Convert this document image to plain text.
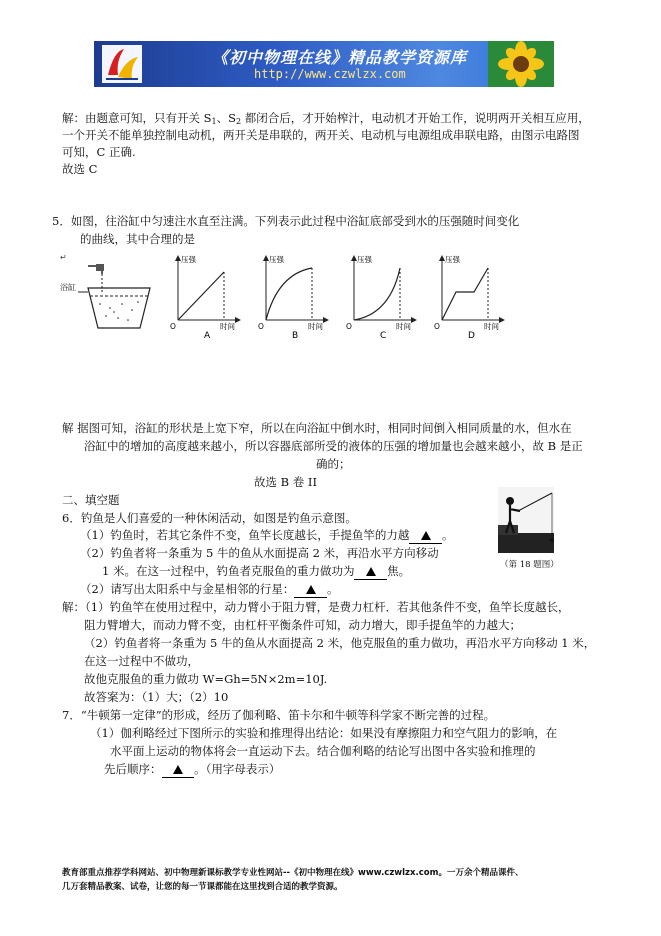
《初中物理在线》精品教学资源库
http://www.czwlzx.com
解：由题意可知，只有开关 $S_1$、$S_2$ 都闭合后，才开始榨汁，电动机才开始工作，说明两开关相互应用，
一个开关不能单独控制电动机，两开关是串联的，两开关、电动机与电源组成串联电路，由图示电路图
可知，C 正确.
故选 C
5．如图，往浴缸中匀速注水直至注满。下列表示此过程中浴缸底部受到水的压强随时间变化
的曲线，其中合理的是
↵
浴缸
压强
O	时间
A
压强
O	时间
B
压强
O	时间
C
压强
O	时间
D
解 据图可知，浴缸的形状是上宽下窄，所以在向浴缸中倒水时，相同时间倒入相同质量的水，但水在
浴缸中的增加的高度越来越小，所以容器底部所受的液体的压强的增加量也会越来越小，故 B 是正
确的；
故选 B 卷 II
二、填空题
6．钓鱼是人们喜爱的一种休闲活动，如图是钓鱼示意图。
（1）钓鱼时，若其它条件不变，鱼竿长度越长，手提鱼竿的力越	。
（2）钓鱼者将一条重为 5 牛的鱼从水面提高 2 米，再沿水平方向移动
1 米。在这一过程中，钓鱼者克服鱼的重力做功为	焦。
（2）请写出太阳系中与金星相邻的行星：	。
（第 18 题图）
解：（1）钓鱼竿在使用过程中，动力臂小于阻力臂，是费力杠杆．若其他条件不变，鱼竿长度越长，
阻力臂增大，而动力臂不变，由杠杆平衡条件可知，动力增大，即手提鱼竿的力越大；
（2）钓鱼者将一条重为 5 牛的鱼从水面提高 2 米，他克服鱼的重力做功，再沿水平方向移动 1 米，
在这一过程中不做功，
故他克服鱼的重力做功 W=Gh=5N×2m=10J.
故答案为：（1）大；（2）10
7．“牛顿第一定律”的形成，经历了伽利略、笛卡尔和牛顿等科学家不断完善的过程。
（1）伽利略经过下图所示的实验和推理得出结论：如果没有摩擦阻力和空气阻力的影响，在
水平面上运动的物体将会一直运动下去。结合伽利略的结论写出图中各实验和推理的
先后顺序：	。（用字母表示）
教育部重点推荐学科网站、初中物理新课标教学专业性网站--《初中物理在线》www.czwlzx.com。一万余个精品课件、
几万套精品教案、试卷，让您的每一节课都能在这里找到合适的教学资源。
